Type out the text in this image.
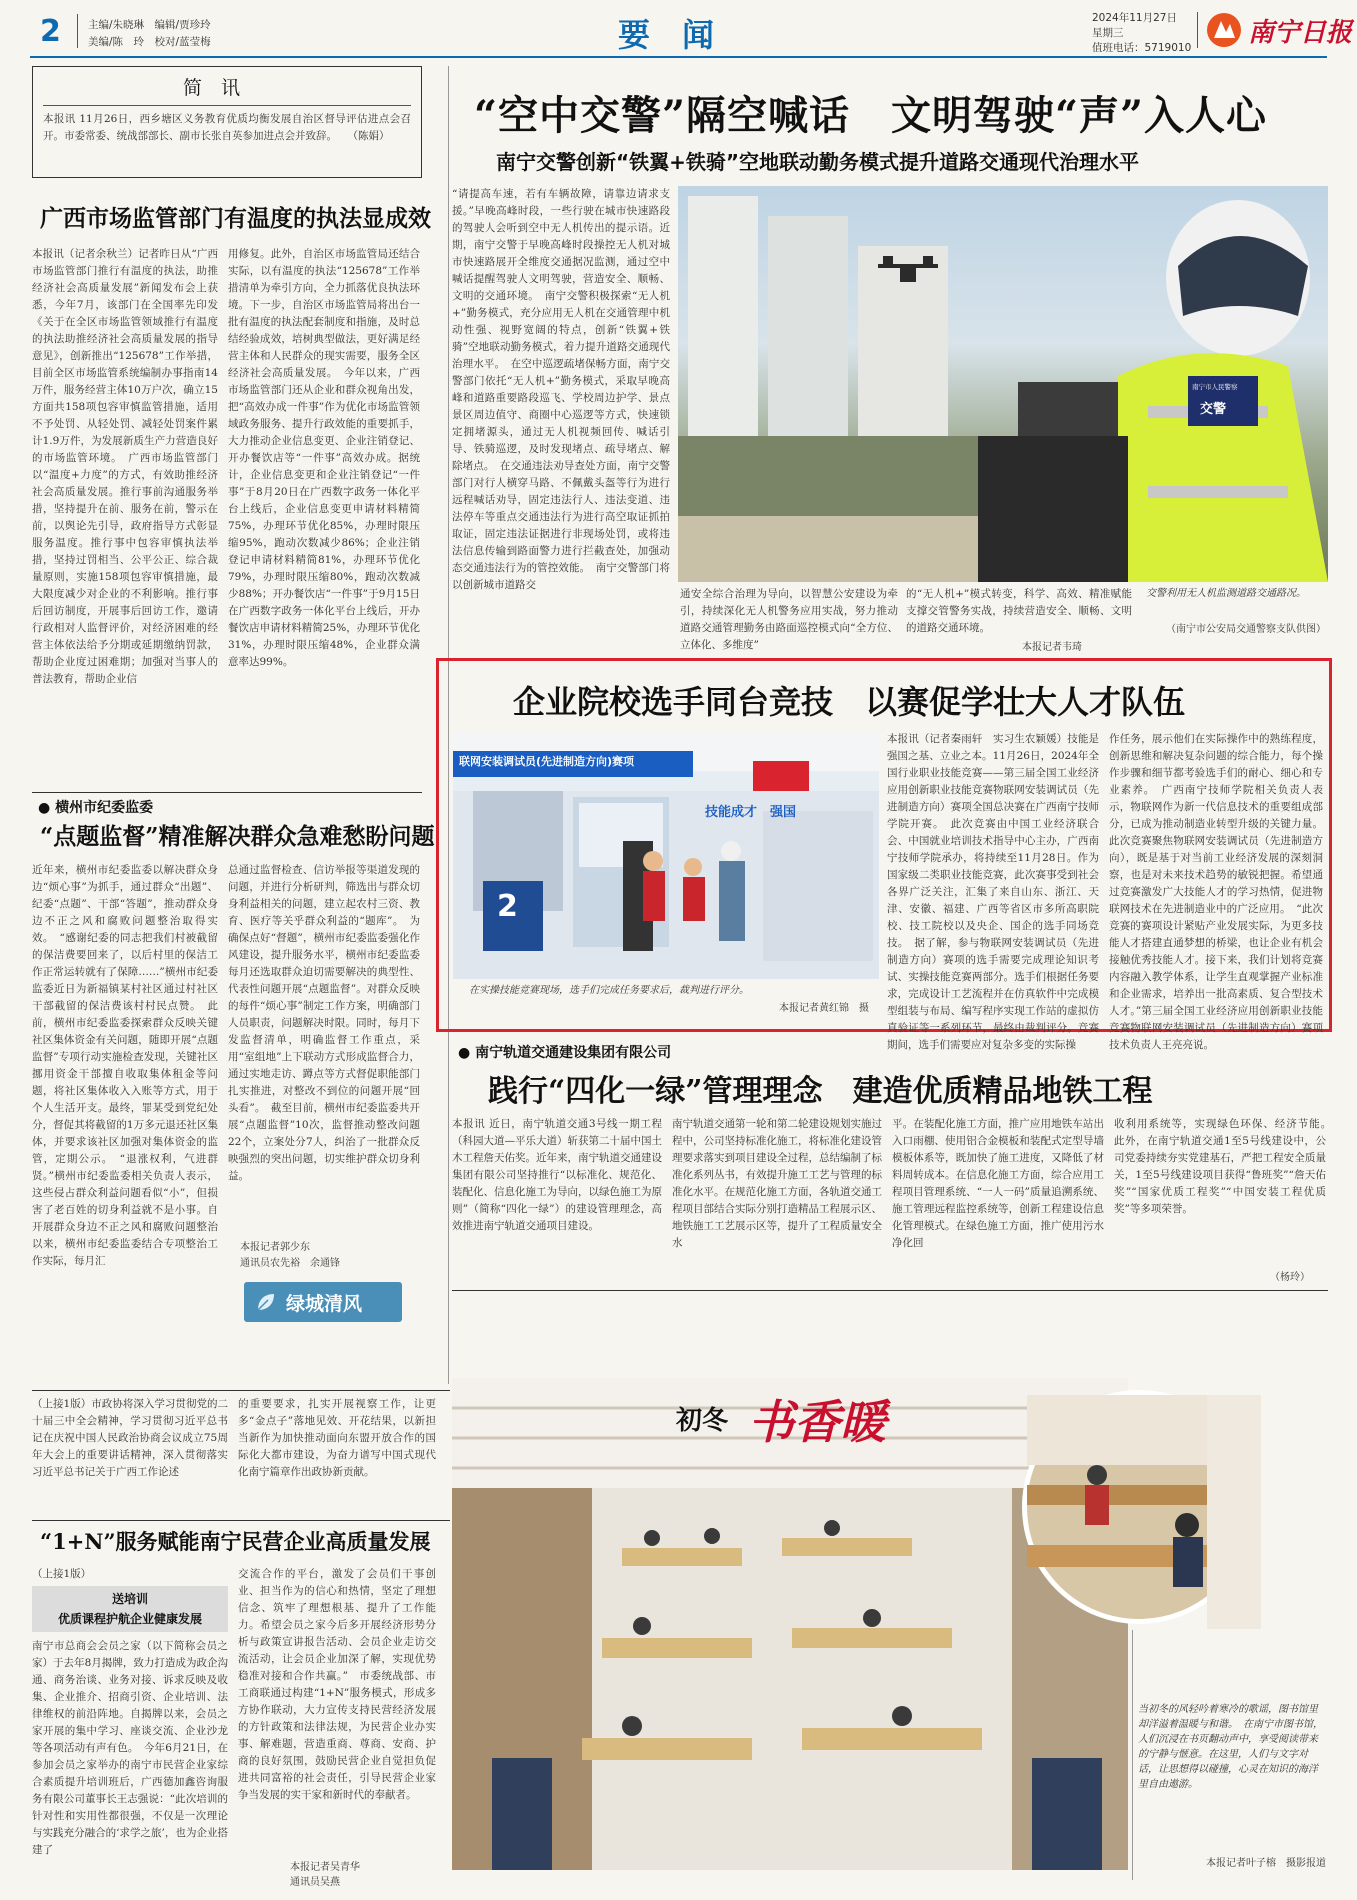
2	主编/朱晓琳　编辑/贾珍玲
美编/陈　玲　校对/蓝莹梅	要　闻	2024年11月27日
星期三
值班电话：5719010 南宁日报
简　讯
本报讯 11月26日，西乡塘区义务教育优质均衡发展自治区督导评估进点会召开。市委常委、统战部部长、副市长张自英参加进点会并致辞。　　（陈娟）
广西市场监管部门有温度的执法显成效
本报讯（记者余秋兰）记者昨日从“广西市场监管部门推行有温度的执法，助推经济社会高质量发展”新闻发布会上获悉，今年7月，该部门在全国率先印发《关于在全区市场监管领域推行有温度的执法助推经济社会高质量发展的指导意见》，创新推出“125678”工作举措，目前全区市场监管系统编制办事指南14万件，服务经营主体10万户次，确立15方面共158项包容审慎监管措施，适用不予处罚、从轻处罚、减轻处罚案件累计1.9万件，为发展新质生产力营造良好的市场监管环境。　广西市场监管部门以“温度+力度”的方式，有效助推经济社会高质量发展。推行事前沟通服务举措，坚持提升在前、服务在前，警示在前，以舆论先引导，政府指导方式彰显服务温度。推行事中包容审慎执法举措，坚持过罚相当、公平公正、综合裁量原则，实施158项包容审慎措施，最大限度减少对企业的不利影响。推行事后回访制度，开展事后回访工作，邀请行政相对人监督评价，对经济困难的经营主体依法给予分期或延期缴纳罚款，帮助企业度过困难期；加强对当事人的普法教育，帮助企业信
用修复。此外，自治区市场监管局还结合实际，以有温度的执法“125678”工作举措清单为牵引方向，全力抓落优良执法环境。下一步，自治区市场监管局将出台一批有温度的执法配套制度和指施，及时总结经验成效，培树典型做法，更好满足经营主体和人民群众的现实需要，服务全区经济社会高质量发展。　今年以来，广西市场监管部门还从企业和群众视角出发，把“高效办成一件事”作为优化市场监管领域政务服务、提升行政效能的重要抓手，大力推动企业信息变更、企业注销登记、开办餐饮店等“一件事”高效办成。据统计，企业信息变更和企业注销登记“一件事”于8月20日在广西数字政务一体化平台上线后，企业信息变更申请材料精简75%，办理环节优化85%，办理时限压缩95%，跑动次数减少86%；企业注销登记申请材料精简81%，办理环节优化79%，办理时限压缩80%，跑动次数减少88%；开办餐饮店“一件事”于9月15日在广西数字政务一体化平台上线后，开办餐饮店申请材料精简25%，办理环节优化31%，办理时限压缩48%，企业群众满意率达99%。
● 横州市纪委监委
“点题监督”精准解决群众急难愁盼问题
近年来，横州市纪委监委以解决群众身边“烦心事”为抓手，通过群众“出题”、纪委“点题”、干部“答题”，推动群众身边不正之风和腐败问题整治取得实效。　“感谢纪委的同志把我们村被截留的保洁费要回来了，以后村里的保洁工作正常运转就有了保障……”横州市纪委监委近日为新福镇某村社区通过村社区干部截留的保洁费该村村民点赞。　此前，横州市纪委监委探索群众反映关键社区集体资金有关问题，随即开展“点题监督”专项行动实施检查发现，关键社区挪用资金干部擅自收取集体租金等问题，将社区集体收入入账等方式，用于个人生活开支。最终，罪某受到党纪处分，督促其将截留的1万多元退还社区集体，并要求该社区加强对集体资金的监管，定期公示。　“退涨权利，气进群贤。”横州市纪委监委相关负责人表示，这些侵占群众利益问题看似“小”，但损害了老百姓的切身利益就不是小事。自开展群众身边不正之风和腐败问题整治以来，横州市纪委监委结合专项整治工作实际，每月汇
总通过监督检查、信访举报等渠道发现的问题，并进行分析研判，筛选出与群众切身利益相关的问题，建立起农村三资、教育、医疗等关乎群众利益的“题库”。　为确保点好“督题”，横州市纪委监委强化作风建设，提升服务水平，横州市纪委监委每月还选取群众迫切需要解决的典型性、代表性问题开展“点题监督”。对群众反映的每件“烦心事”制定工作方案，明确部门人员职责，问题解决时限。同时，每月下发监督清单，明确监督工作重点，采用“室组地”上下联动方式形成监督合力，通过实地走访、蹲点等方式督促职能部门扎实推进，对整改不到位的问题开展“回头看”。　截至目前，横州市纪委监委共开展“点题监督”10次，监督推动整改问题22个，立案处分7人，纠治了一批群众反映强烈的突出问题，切实维护群众切身利益。
本报记者郭少东
通讯员农先裕　余通锋
绿城清风
（上接1版）市政协将深入学习贯彻党的二十届三中全会精神，学习贯彻习近平总书记在庆祝中国人民政治协商会议成立75周年大会上的重要讲话精神，深入贯彻落实习近平总书记关于广西工作论述
的重要要求，扎实开展视察工作，让更多“金点子”落地见效、开花结果，以新担当新作为加快推动面向东盟开放合作的国际化大都市建设，为奋力谱写中国式现代化南宁篇章作出政协新贡献。
“1+N”服务赋能南宁民营企业高质量发展
（上接1版）
送培训
优质课程护航企业健康发展
南宁市总商会会员之家（以下简称会员之家）于去年8月揭牌，致力打造成为政企沟通、商务治谈、业务对接、诉求反映及收集、企业推介、招商引资、企业培训、法律维权的前沿阵地。自揭牌以来，会员之家开展的集中学习、座谈交流、企业沙龙等各项活动有声有色。　今年6月21日，在参加会员之家举办的南宁市民营企业家综合素质提升培训班后，广西德加鑫咨询服务有限公司董事长王志强说：“此次培训的针对性和实用性都很强，不仅是一次理论与实践充分融合的‘求学之旅’，也为企业搭建了
交流合作的平台，激发了会员们干事创业、担当作为的信心和热情，坚定了理想信念、筑牢了理想根基、提升了工作能力。希望会员之家今后多开展经济形势分析与政策宣讲报告活动、会员企业走访交流活动，让会员企业加深了解，实现优势稳准对接和合作共赢。”　市委统战部、市工商联通过构建“1+N”服务模式，形成多方协作联动，大力宣传支持民营经济发展的方针政策和法律法规，为民营企业办实事、解难题，营造重商、尊商、安商、护商的良好氛围，鼓励民营企业自觉担负促进共同富裕的社会责任，引导民营企业家争当发展的实干家和新时代的奉献者。
本报记者吴青华
通讯员吴燕
“空中交警”隔空喊话　文明驾驶“声”入人心
南宁交警创新“铁翼+铁骑”空地联动勤务模式提升道路交通现代治理水平
“请提高车速，若有车辆故障，请靠边请求支援。”早晚高峰时段，一些行驶在城市快速路段的驾驶人会听到空中无人机传出的提示语。近期，南宁交警于早晚高峰时段操控无人机对城市快速路展开全维度交通据况监测，通过空中喊话提醒驾驶人文明驾驶，营造安全、顺畅、文明的交通环境。　南宁交警积极探索“无人机+”勤务模式，充分应用无人机在交通管理中机动性强、视野宽阔的特点，创新“铁翼+铁骑”空地联动勤务模式，着力提升道路交通现代治理水平。　在空中巡逻疏堵保畅方面，南宁交警部门依托“无人机+”勤务模式，采取早晚高峰和道路重要路段巡飞、学校周边护学、景点景区周边值守、商圈中心巡逻等方式，快速锁定拥堵源头，通过无人机视频回传、喊话引导、铁骑巡逻，及时发现堵点、疏导堵点、解除堵点。　在交通违法劝导查处方面，南宁交警部门对行人横穿马路、不佩戴头盔等行为进行远程喊话劝导，固定违法行人、违法变道、违法停车等重点交通违法行为进行高空取证抓拍取证，固定违法证据进行非现场处罚，或将违法信息传输到路面警力进行拦截查处，加强动态交通违法行为的管控效能。　南宁交警部门将以创新城市道路交
南宁市人民警察
交警
通安全综合治理为导向，以智慧公安建设为牵引，持续深化无人机警务应用实战，努力推动道路交通管理勤务由路面巡控模式向“全方位、立体化、多维度”
的“无人机+”模式转变，科学、高效、精准赋能支撑交管警务实战，持续营造安全、顺畅、文明的道路交通环境。
本报记者韦琦
交警利用无人机监测道路交通路况。
（南宁市公安局交通警察支队供图）
企业院校选手同台竞技　以赛促学壮大人才队伍
联网安装调试员(先进制造方向)赛项
技能成才　强国
2
在实操技能竞赛现场，选手们完成任务要求后，裁判进行评分。
本报记者黄红锦　摄
本报讯（记者秦雨轩　实习生农颖媛）技能是强国之基、立业之本。11月26日，2024年全国行业职业技能竞赛——第三届全国工业经济应用创新职业技能竞赛物联网安装调试员（先进制造方向）赛项全国总决赛在广西南宁技师学院开赛。　此次竞赛由中国工业经济联合会、中国就业培训技术指导中心主办，广西南宁技师学院承办，将持续至11月28日。作为国家级二类职业技能竞赛，此次赛事受到社会各界广泛关注，汇集了来自山东、浙江、天津、安徽、福建、广西等省区市多所高职院校、技工院校以及央企、国企的选手同场竞技。　据了解，参与物联网安装调试员（先进制造方向）赛项的选手需要完成理论知识考试、实操技能竞赛两部分。选手们根据任务要求，完成设计工艺流程并在仿真软件中完成模型组装与布局、编写程序实现工作站的虚拟仿真验证等一系列环节，最终由裁判评分。竞赛期间，选手们需要应对复杂多变的实际操
作任务，展示他们在实际操作中的熟练程度，创新思维和解决复杂问题的综合能力，每个操作步骤和细节都考验选手们的耐心、细心和专业素养。　广西南宁技师学院相关负责人表示，物联网作为新一代信息技术的重要组成部分，已成为推动制造业转型升级的关键力量。此次竞赛聚焦物联网安装调试员（先进制造方向），既是基于对当前工业经济发展的深刻洞察，也是对未来技术趋势的敏锐把握。希望通过竞赛激发广大技能人才的学习热情，促进物联网技术在先进制造业中的广泛应用。　“此次竞赛的赛项设计紧贴产业发展实际，为更多技能人才搭建直通梦想的桥梁，也让企业有机会接触优秀技能人才。接下来，我们计划将竞赛内容融入教学体系，让学生直观掌握产业标准和企业需求，培养出一批高素质、复合型技术人才。”第三届全国工业经济应用创新职业技能竞赛物联网安装调试员（先进制造方向）赛项技术负责人王亮亮说。
● 南宁轨道交通建设集团有限公司
践行“四化一绿”管理理念　建造优质精品地铁工程
本报讯 近日，南宁轨道交通3号线一期工程（科园大道—平乐大道）斩获第二十届中国土木工程詹天佑奖。近年来，南宁轨道交通建设集团有限公司坚持推行“以标准化、规范化、装配化、信息化施工为导向，以绿色施工为原则”（简称“四化一绿”）的建设管理理念，高效推进南宁轨道交通项目建设。
南宁轨道交通第一轮和第二轮建设规划实施过程中，公司坚持标准化施工，将标准化建设管理要求落实到项目建设全过程，总结编制了标准化系列丛书，有效提升施工工艺与管理的标准化水平。在规范化施工方面，各轨道交通工程项目部结合实际分别打造精品工程展示区、地铁施工工艺展示区等，提升了工程质量安全水
平。在装配化施工方面，推广应用地铁车站出入口雨棚、使用铝合金模板和装配式定型导墙模板体系等，既加快了施工进度，又降低了材料周转成本。在信息化施工方面，综合应用工程项目管理系统、“一人一码”质量追溯系统、施工管理远程监控系统等，创新工程建设信息化管理模式。在绿色施工方面，推广使用污水净化回
收利用系统等，实现绿色环保、经济节能。　此外，在南宁轨道交通1至5号线建设中，公司党委持续夯实党建基石，严把工程安全质量关，1至5号线建设项目获得“鲁班奖”“詹天佑奖”“国家优质工程奖”“中国安装工程优质奖”等多项荣誉。
（杨玲）
初冬 书香暖
当初冬的风轻吟着寒冷的歌谣，图书馆里却洋溢着温暖与和谐。　在南宁市图书馆，人们沉浸在书页翻动声中，享受阅读带来的宁静与惬意。在这里，人们与文字对话，让思想得以碰撞，心灵在知识的海洋里自由遨游。
本报记者叶子榕　摄影报道
